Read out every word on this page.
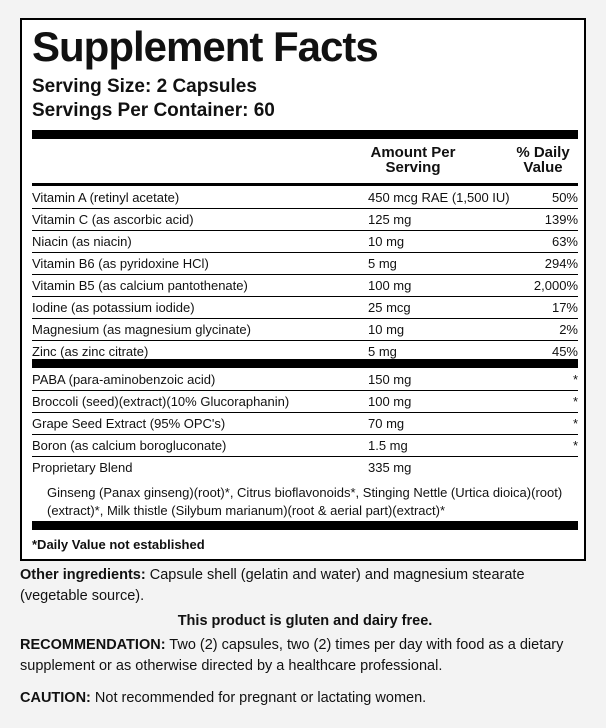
Supplement Facts
Serving Size: 2 Capsules
Servings Per Container: 60
Amount Per Serving
% Daily Value
Vitamin A (retinyl acetate)	450 mcg RAE (1,500 IU)	50%
Vitamin C (as ascorbic acid)	125 mg	139%
Niacin (as niacin)	10 mg	63%
Vitamin B6 (as pyridoxine HCl)	5 mg	294%
Vitamin B5 (as calcium pantothenate)	100 mg	2,000%
Iodine (as potassium iodide)	25 mcg	17%
Magnesium (as magnesium glycinate)	10 mg	2%
Zinc (as zinc citrate)	5 mg	45%
PABA (para-aminobenzoic acid)	150 mg	*
Broccoli (seed)(extract)(10% Glucoraphanin)	100 mg	*
Grape Seed Extract (95% OPC's)	70 mg	*
Boron (as calcium borogluconate)	1.5 mg	*
Proprietary Blend	335 mg
Ginseng (Panax ginseng)(root)*, Citrus bioflavonoids*, Stinging Nettle (Urtica dioica)(root)(extract)*, Milk thistle (Silybum marianum)(root & aerial part)(extract)*
*Daily Value not established
Other ingredients: Capsule shell (gelatin and water) and magnesium stearate (vegetable source).
This product is gluten and dairy free.
RECOMMENDATION: Two (2) capsules, two (2) times per day with food as a dietary supplement or as otherwise directed by a healthcare professional.
CAUTION: Not recommended for pregnant or lactating women.
